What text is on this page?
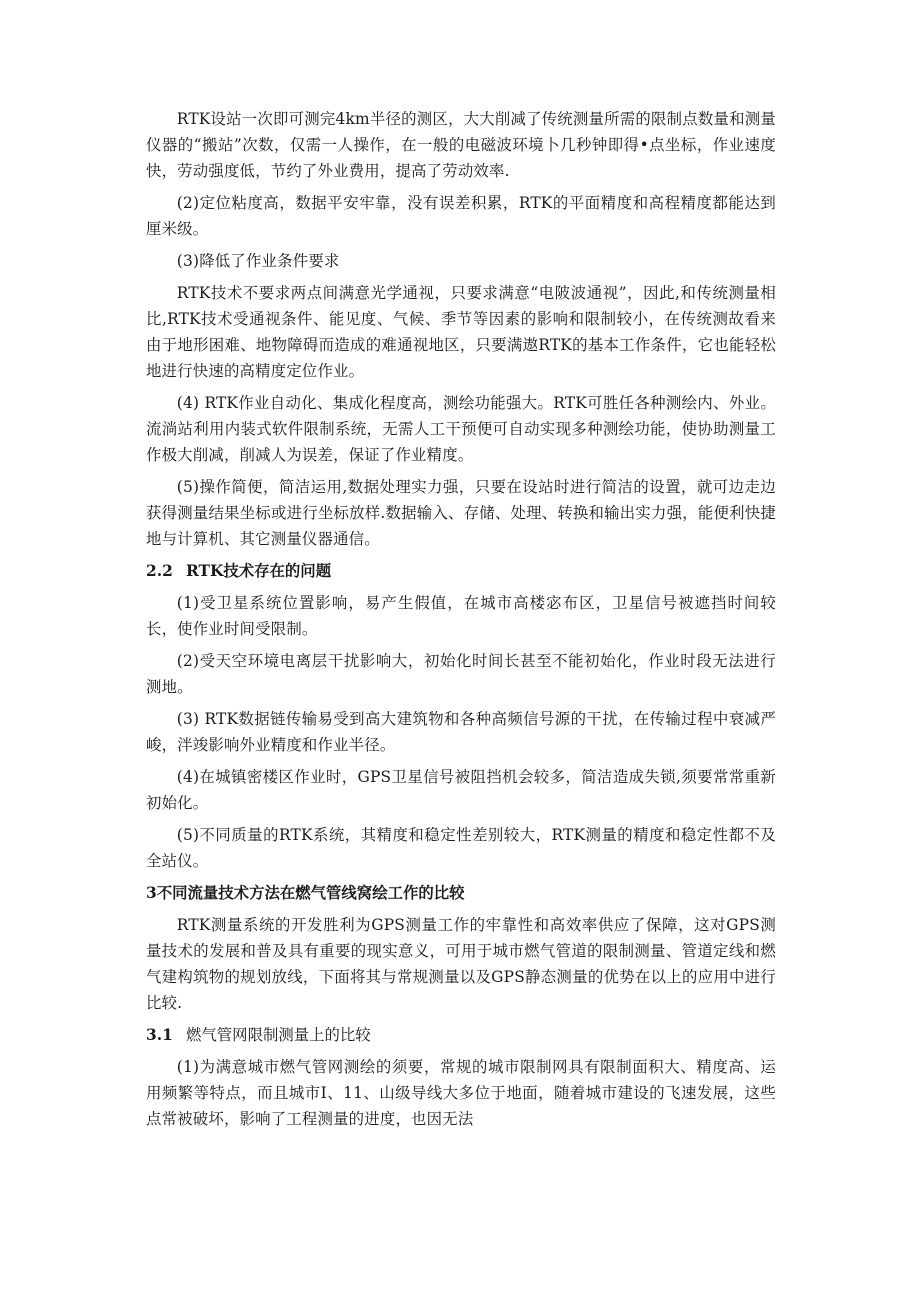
RTK设站一次即可测完4km半径的测区，大大削减了传统测量所需的限制点数量和测量仪器的“搬站”次数，仅需一人操作，在一般的电磁波环境卜几秒钟即得•点坐标，作业速度快，劳动强度低，节约了外业费用，提高了劳动效率.

(2)定位粘度高，数据平安牢靠，没有误差积累，RTK的平面精度和高程精度都能达到厘米级。

(3)降低了作业条件要求

RTK技术不要求两点间满意光学通视，只要求满意“电陂波通视”，因此,和传统测量相比,RTK技术受通视条件、能见度、气候、季节等因素的影响和限制较小，在传统测故看来由于地形困难、地物障碍而造成的难通视地区，只要满遨RTK的基本工作条件，它也能轻松地进行快速的高精度定位作业。

(4) RTK作业自动化、集成化程度高，测绘功能强大。RTK可胜任各种测绘内、外业。流淌站利用内装式软件限制系统，无需人工干预便可自动实现多种测绘功能，使协助测量工作极大削减，削减人为误差，保证了作业精度。

(5)操作简便，简洁运用,数据处理实力强，只要在设站时进行简洁的设置，就可边走边获得测量结果坐标或进行坐标放样.数据输入、存储、处理、转换和输出实力强，能便利快捷地与计算机、其它测量仪器通信。

2.2 RTK技术存在的问题

(1)受卫星系统位置影响，易产生假值，在城市高楼宓布区，卫星信号被遮挡时间较长，使作业时间受限制。

(2)受天空环境电离层干扰影响大，初始化时间长甚至不能初始化，作业时段无法进行测地。

(3) RTK数据链传输易受到高大建筑物和各种高频信号源的干扰，在传输过程中衰减严峻，泮竣影响外业精度和作业半径。

(4)在城镇密楼区作业时，GPS卫星信号被阻挡机会较多，简洁造成失锁,须要常常重新初始化。

(5)不同质量的RTK系统，其精度和稳定性差别较大，RTK测量的精度和稳定性都不及全站仪。

3不同流量技术方法在燃气管线窝绘工作的比较

RTK测量系统的开发胜利为GPS测量工作的牢靠性和高效率供应了保障，这对GPS测量技术的发展和普及具有重要的现实意义，可用于城市燃气管道的限制测量、管道定线和燃气建构筑物的规划放线，下面将其与常规测量以及GPS静态测量的优势在以上的应用中进行比较.

3.1 燃气管网限制测量上的比较

(1)为满意城市燃气管网测绘的须要，常规的城市限制网具有限制面积大、精度高、运用频繁等特点，而且城市I、11、山级导线大多位于地面，随着城市建设的飞速发展，这些点常被破坏，影响了工程测量的进度，也因无法
